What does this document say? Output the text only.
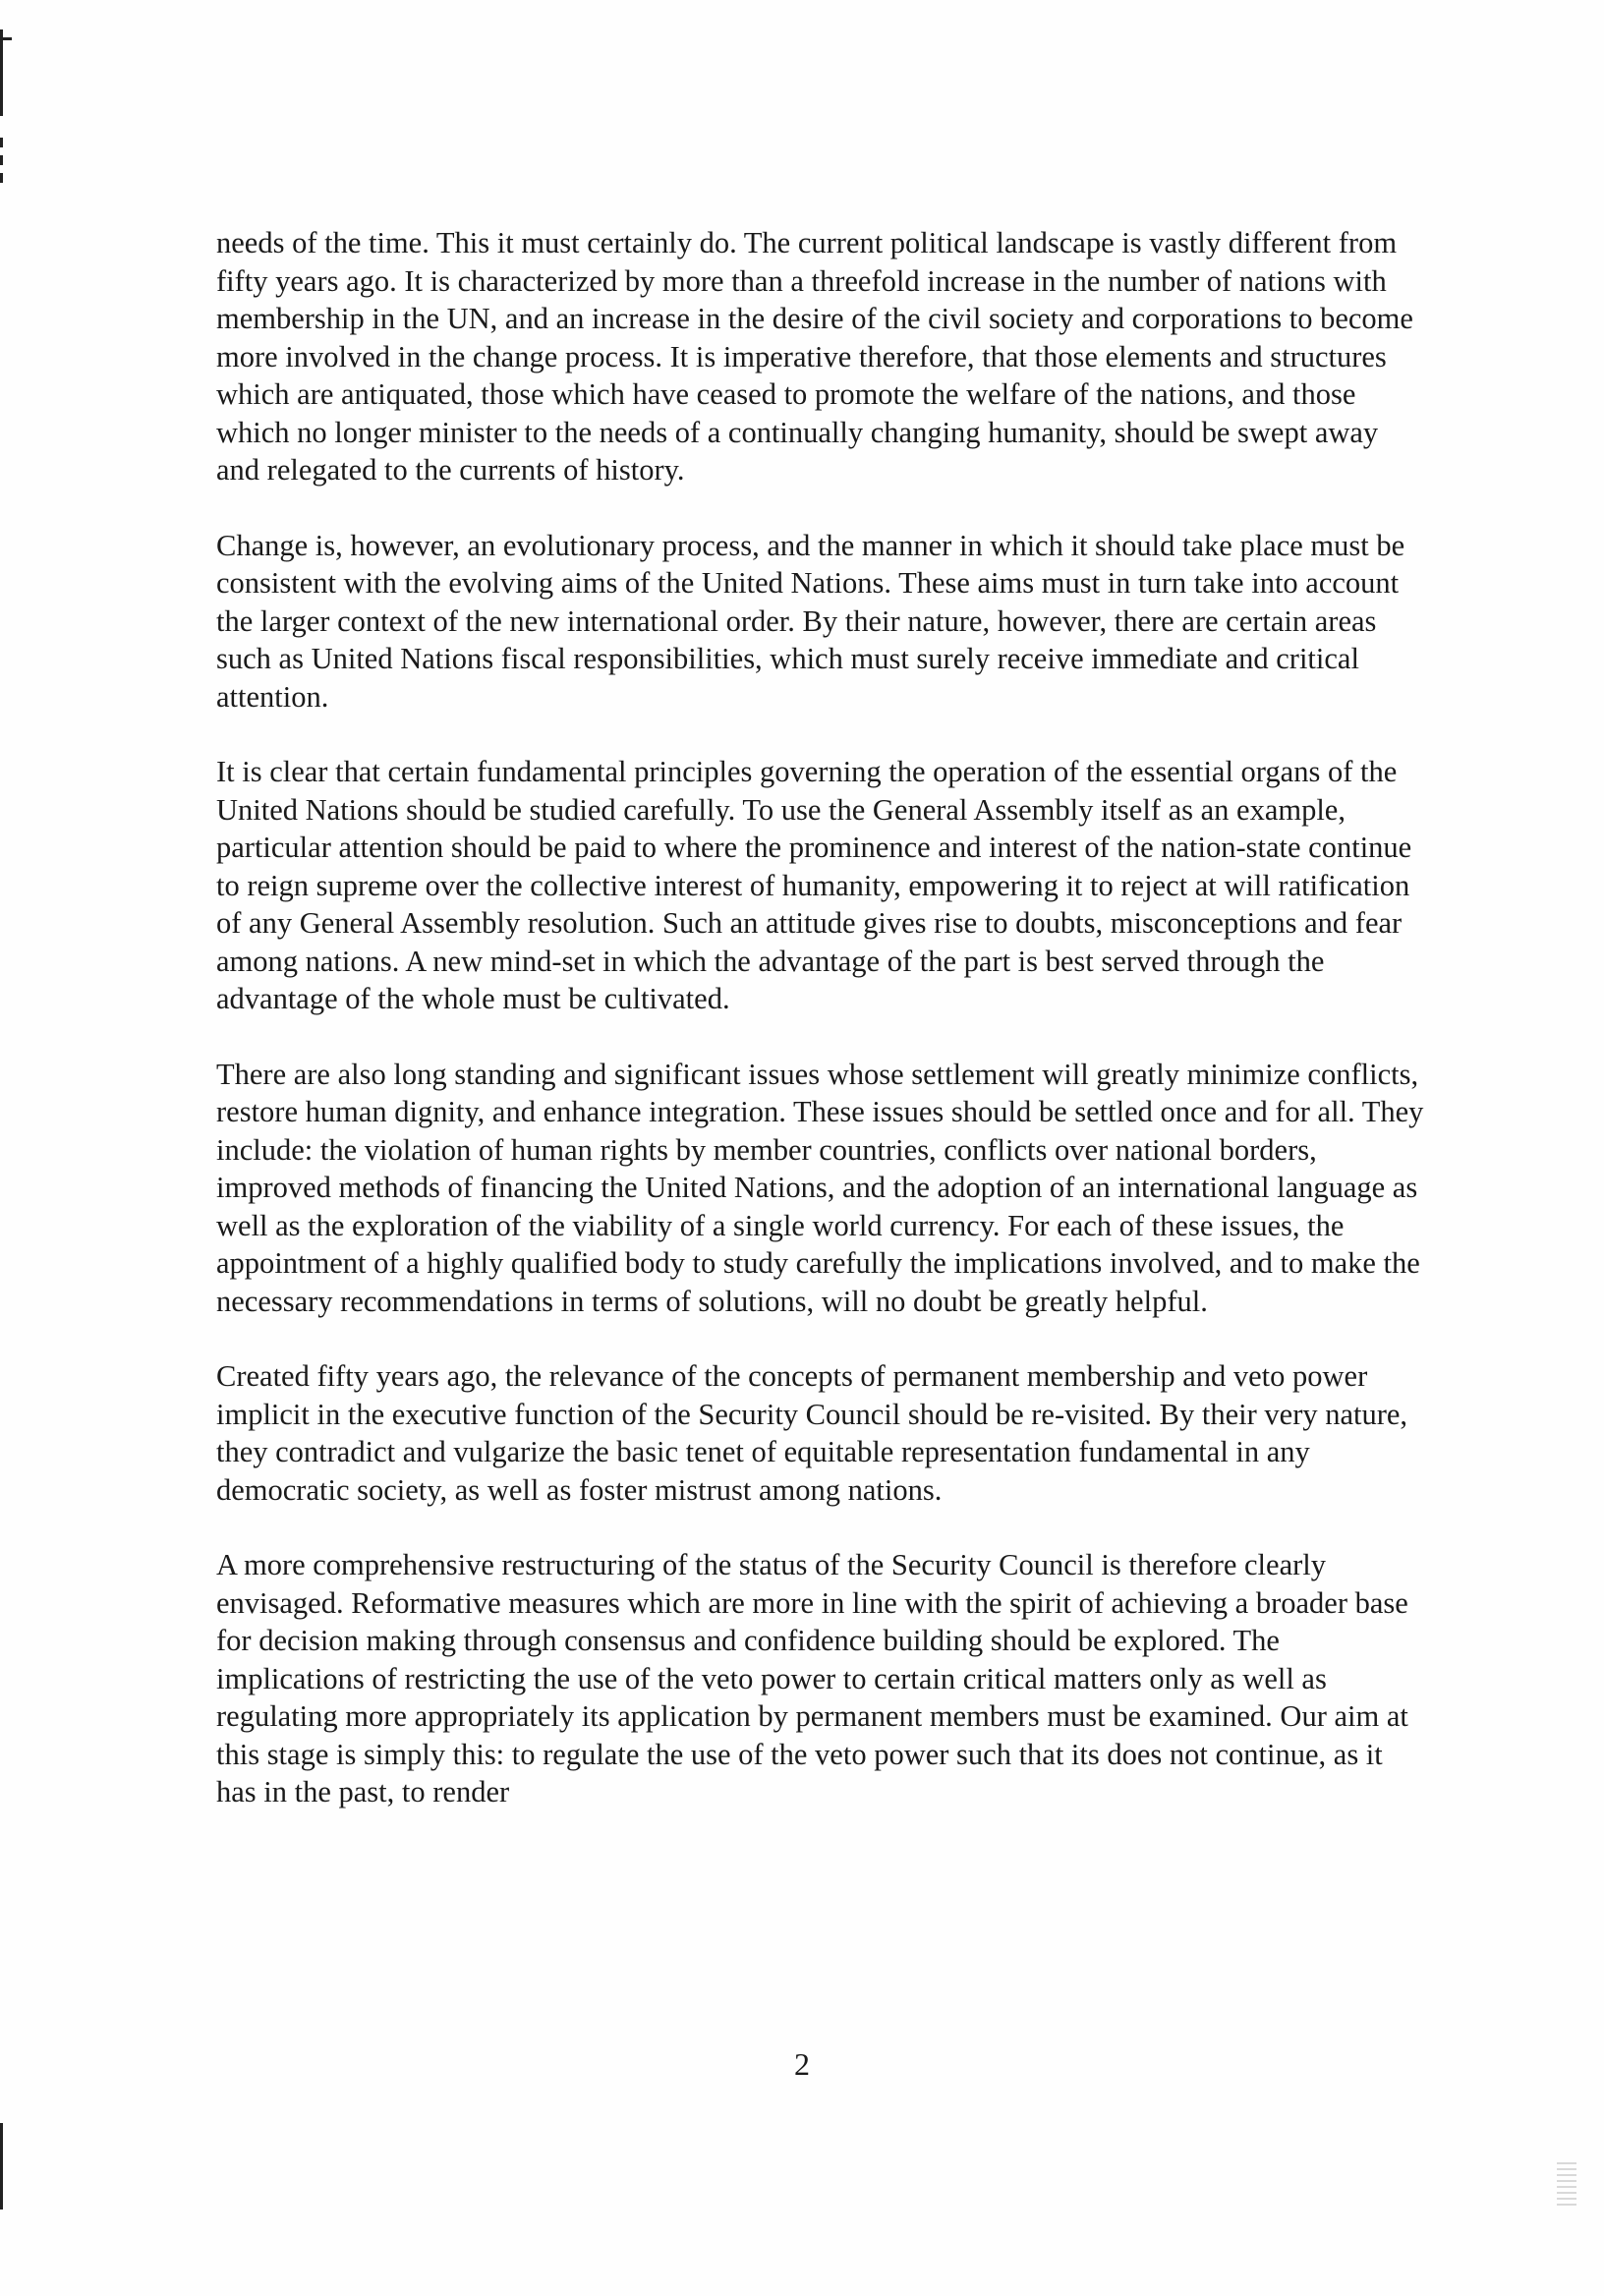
needs of the time. This it must certainly do. The current political landscape is vastly different from fifty years ago. It is characterized by more than a threefold increase in the number of nations with membership in the UN, and an increase in the desire of the civil society and corporations to become more involved in the change process. It is imperative therefore, that those elements and structures which are antiquated, those which have ceased to promote the welfare of the nations, and those which no longer minister to the needs of a continually changing humanity, should be swept away and relegated to the currents of history.

Change is, however, an evolutionary process, and the manner in which it should take place must be consistent with the evolving aims of the United Nations. These aims must in turn take into account the larger context of the new international order. By their nature, however, there are certain areas such as United Nations fiscal responsibilities, which must surely receive immediate and critical attention.

It is clear that certain fundamental principles governing the operation of the essential organs of the United Nations should be studied carefully. To use the General Assembly itself as an example, particular attention should be paid to where the prominence and interest of the nation-state continue to reign supreme over the collective interest of humanity, empowering it to reject at will ratification of any General Assembly resolution. Such an attitude gives rise to doubts, misconceptions and fear among nations. A new mind-set in which the advantage of the part is best served through the advantage of the whole must be cultivated.

There are also long standing and significant issues whose settlement will greatly minimize conflicts, restore human dignity, and enhance integration. These issues should be settled once and for all. They include: the violation of human rights by member countries, conflicts over national borders, improved methods of financing the United Nations, and the adoption of an international language as well as the exploration of the viability of a single world currency. For each of these issues, the appointment of a highly qualified body to study carefully the implications involved, and to make the necessary recommendations in terms of solutions, will no doubt be greatly helpful.

Created fifty years ago, the relevance of the concepts of permanent membership and veto power implicit in the executive function of the Security Council should be re-visited. By their very nature, they contradict and vulgarize the basic tenet of equitable representation fundamental in any democratic society, as well as foster mistrust among nations.

A more comprehensive restructuring of the status of the Security Council is therefore clearly envisaged. Reformative measures which are more in line with the spirit of achieving a broader base for decision making through consensus and confidence building should be explored. The implications of restricting the use of the veto power to certain critical matters only as well as regulating more appropriately its application by permanent members must be examined. Our aim at this stage is simply this: to regulate the use of the veto power such that its does not continue, as it has in the past, to render

2
